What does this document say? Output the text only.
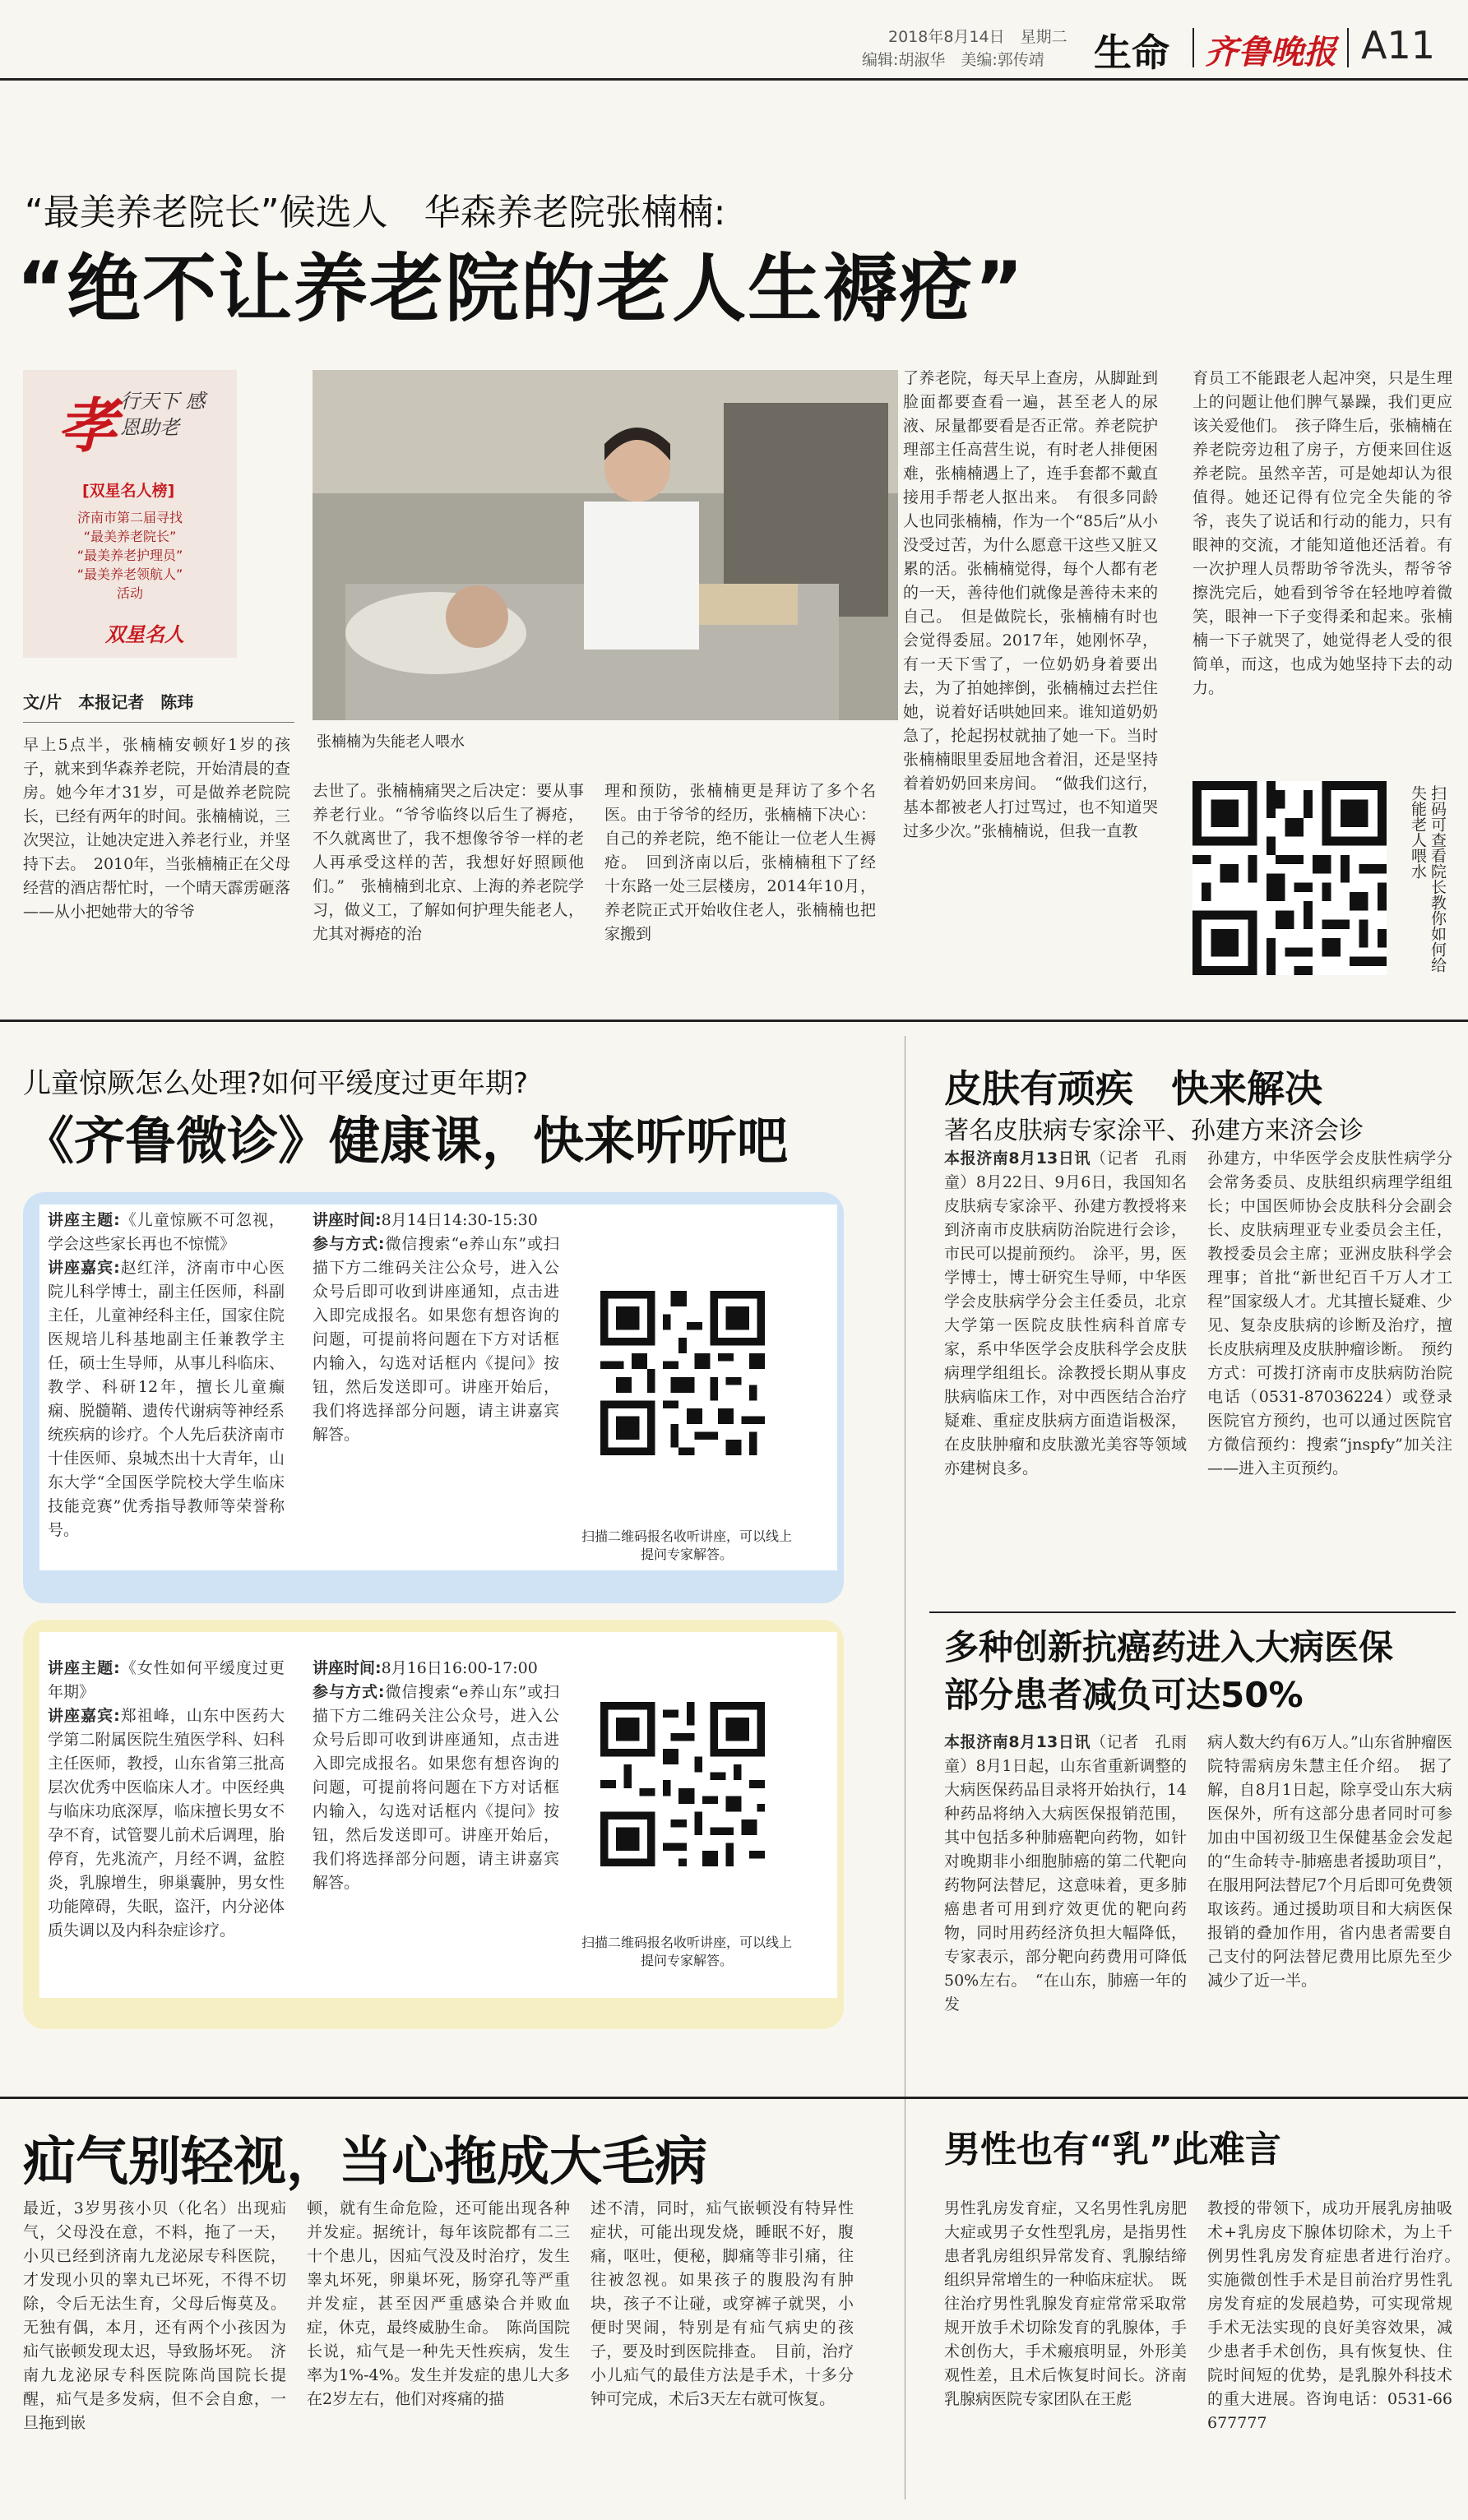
2018年8月14日　星期二
编辑:胡淑华　美编:郭传靖 生命 齐鲁晚报 A11
“最美养老院长”候选人　华森养老院张楠楠:
“绝不让养老院的老人生褥疮”
孝 行天下 感恩助老
[双星名人榜]
济南市第二届寻找
“最美养老院长”
“最美养老护理员”
“最美养老领航人”
活动
双星名人
文/片　本报记者　陈玮
张楠楠为失能老人喂水
早上5点半，张楠楠安顿好1岁的孩子，就来到华森养老院，开始清晨的查房。她今年才31岁，可是做养老院院长，已经有两年的时间。张楠楠说，三次哭泣，让她决定进入养老行业，并坚持下去。　2010年，当张楠楠正在父母经营的酒店帮忙时，一个晴天霹雳砸落——从小把她带大的爷爷
去世了。张楠楠痛哭之后决定：要从事养老行业。“爷爷临终以后生了褥疮，不久就离世了，我不想像爷爷一样的老人再承受这样的苦，我想好好照顾他们。”　张楠楠到北京、上海的养老院学习，做义工，了解如何护理失能老人，尤其对褥疮的治
理和预防，张楠楠更是拜访了多个名医。由于爷爷的经历，张楠楠下决心：自己的养老院，绝不能让一位老人生褥疮。　回到济南以后，张楠楠租下了经十东路一处三层楼房，2014年10月，养老院正式开始收住老人，张楠楠也把家搬到
了养老院，每天早上查房，从脚趾到脸面都要查看一遍，甚至老人的尿液、尿量都要看是否正常。养老院护理部主任高营生说，有时老人排便困难，张楠楠遇上了，连手套都不戴直接用手帮老人抠出来。　有很多同龄人也同张楠楠，作为一个“85后”从小没受过苦，为什么愿意干这些又脏又累的活。张楠楠觉得，每个人都有老的一天，善待他们就像是善待未来的自己。　但是做院长，张楠楠有时也会觉得委屈。2017年，她刚怀孕，有一天下雪了，一位奶奶身着要出去，为了拍她摔倒，张楠楠过去拦住她，说着好话哄她回来。谁知道奶奶急了，抡起拐杖就抽了她一下。当时张楠楠眼里委屈地含着泪，还是坚持着着奶奶回来房间。　“做我们这行，基本都被老人打过骂过，也不知道哭过多少次。”张楠楠说，但我一直教
育员工不能跟老人起冲突，只是生理上的问题让他们脾气暴躁，我们更应该关爱他们。　孩子降生后，张楠楠在养老院旁边租了房子，方便来回住返养老院。虽然辛苦，可是她却认为很值得。她还记得有位完全失能的爷爷，丧失了说话和行动的能力，只有眼神的交流，才能知道他还活着。有一次护理人员帮助爷爷洗头，帮爷爷擦洗完后，她看到爷爷在轻地哼着微笑，眼神一下子变得柔和起来。张楠楠一下子就哭了，她觉得老人受的很简单，而这，也成为她坚持下去的动力。
扫码可查看院长教你如何给失能老人喂水
儿童惊厥怎么处理?如何平缓度过更年期?
《齐鲁微诊》健康课，快来听听吧
讲座主题:《儿童惊厥不可忽视，学会这些家长再也不惊慌》
讲座嘉宾:赵红洋，济南市中心医院儿科学博士，副主任医师，科副主任，儿童神经科主任，国家住院医规培儿科基地副主任兼教学主任，硕士生导师，从事儿科临床、教学、科研12年，擅长儿童癫痫、脱髓鞘、遗传代谢病等神经系统疾病的诊疗。个人先后获济南市十佳医师、泉城杰出十大青年，山东大学“全国医学院校大学生临床技能竞赛”优秀指导教师等荣誉称号。
讲座时间:8月14日14:30-15:30
参与方式:微信搜索“e养山东”或扫描下方二维码关注公众号，进入公众号后即可收到讲座通知，点击进入即完成报名。如果您有想咨询的问题，可提前将问题在下方对话框内输入，勾选对话框内《提问》按钮，然后发送即可。讲座开始后，我们将选择部分问题，请主讲嘉宾解答。
扫描二维码报名收听讲座，可以线上提问专家解答。
讲座主题:《女性如何平缓度过更年期》
讲座嘉宾:郑祖峰，山东中医药大学第二附属医院生殖医学科、妇科主任医师，教授，山东省第三批高层次优秀中医临床人才。中医经典与临床功底深厚，临床擅长男女不孕不育，试管婴儿前术后调理，胎停育，先兆流产，月经不调，盆腔炎，乳腺增生，卵巢囊肿，男女性功能障碍，失眠，盗汗，内分泌体质失调以及内科杂症诊疗。
讲座时间:8月16日16:00-17:00
参与方式:微信搜索“e养山东”或扫描下方二维码关注公众号，进入公众号后即可收到讲座通知，点击进入即完成报名。如果您有想咨询的问题，可提前将问题在下方对话框内输入，勾选对话框内《提问》按钮，然后发送即可。讲座开始后，我们将选择部分问题，请主讲嘉宾解答。
扫描二维码报名收听讲座，可以线上提问专家解答。
皮肤有顽疾　快来解决
著名皮肤病专家涂平、孙建方来济会诊
本报济南8月13日讯（记者　孔雨童）8月22日、9月6日，我国知名皮肤病专家涂平、孙建方教授将来到济南市皮肤病防治院进行会诊，市民可以提前预约。　涂平，男，医学博士，博士研究生导师，中华医学会皮肤病学分会主任委员，北京大学第一医院皮肤性病科首席专家，系中华医学会皮肤科学会皮肤病理学组组长。涂教授长期从事皮肤病临床工作，对中西医结合治疗疑难、重症皮肤病方面造诣极深，在皮肤肿瘤和皮肤激光美容等领域亦建树良多。
孙建方，中华医学会皮肤性病学分会常务委员、皮肤组织病理学组组长；中国医师协会皮肤科分会副会长、皮肤病理亚专业委员会主任，教授委员会主席；亚洲皮肤科学会理事；首批“新世纪百千万人才工程”国家级人才。尤其擅长疑难、少见、复杂皮肤病的诊断及治疗，擅长皮肤病理及皮肤肿瘤诊断。　预约方式：可拨打济南市皮肤病防治院电话（0531-87036224）或登录医院官方预约，也可以通过医院官方微信预约：搜索“jnspfy”加关注——进入主页预约。
多种创新抗癌药进入大病医保　部分患者减负可达50%
本报济南8月13日讯（记者　孔雨童）8月1日起，山东省重新调整的大病医保药品目录将开始执行，14种药品将纳入大病医保报销范围，其中包括多种肺癌靶向药物，如针对晚期非小细胞肺癌的第二代靶向药物阿法替尼，这意味着，更多肺癌患者可用到疗效更优的靶向药物，同时用药经济负担大幅降低，专家表示，部分靶向药费用可降低50%左右。　“在山东，肺癌一年的发
病人数大约有6万人。”山东省肿瘤医院特需病房朱慧主任介绍。　据了解，自8月1日起，除享受山东大病医保外，所有这部分患者同时可参加由中国初级卫生保健基金会发起的“生命转寺-肺癌患者援助项目”，在服用阿法替尼7个月后即可免费领取该药。通过援助项目和大病医保报销的叠加作用，省内患者需要自己支付的阿法替尼费用比原先至少减少了近一半。
疝气别轻视，当心拖成大毛病
最近，3岁男孩小贝（化名）出现疝气，父母没在意，不料，拖了一天，小贝已经到济南九龙泌尿专科医院，才发现小贝的睾丸已坏死，不得不切除，令后无法生育，父母后悔莫及。无独有偶，本月，还有两个小孩因为疝气嵌顿发现太迟，导致肠坏死。　济南九龙泌尿专科医院陈尚国院长提醒，疝气是多发病，但不会自愈，一旦拖到嵌
顿，就有生命危险，还可能出现各种并发症。据统计，每年该院都有二三十个患儿，因疝气没及时治疗，发生睾丸坏死，卵巢坏死，肠穿孔等严重并发症，甚至因严重感染合并败血症，休克，最终威胁生命。　陈尚国院长说，疝气是一种先天性疾病，发生率为1%-4%。发生并发症的患儿大多在2岁左右，他们对疼痛的描
述不清，同时，疝气嵌顿没有特异性症状，可能出现发烧，睡眠不好，腹痛，呕吐，便秘，脚痛等非引痛，往往被忽视。如果孩子的腹股沟有肿块，孩子不让碰，或穿裤子就哭，小便时哭闹，特别是有疝气病史的孩子，要及时到医院排查。　目前，治疗小儿疝气的最佳方法是手术，十多分钟可完成，术后3天左右就可恢复。
男性也有“乳”此难言
男性乳房发育症，又名男性乳房肥大症或男子女性型乳房，是指男性患者乳房组织异常发育、乳腺结缔组织异常增生的一种临床症状。　既往治疗男性乳腺发育症常常采取常规开放手术切除发育的乳腺体，手术创伤大，手术瘢痕明显，外形美观性差，且术后恢复时间长。济南乳腺病医院专家团队在王彪
教授的带领下，成功开展乳房抽吸术+乳房皮下腺体切除术，为上千例男性乳房发育症患者进行治疗。　实施微创性手术是目前治疗男性乳房发育症的发展趋势，可实现常规手术无法实现的良好美容效果，减少患者手术创伤，具有恢复快、住院时间短的优势，是乳腺外科技术的重大进展。咨询电话：0531-66677777
